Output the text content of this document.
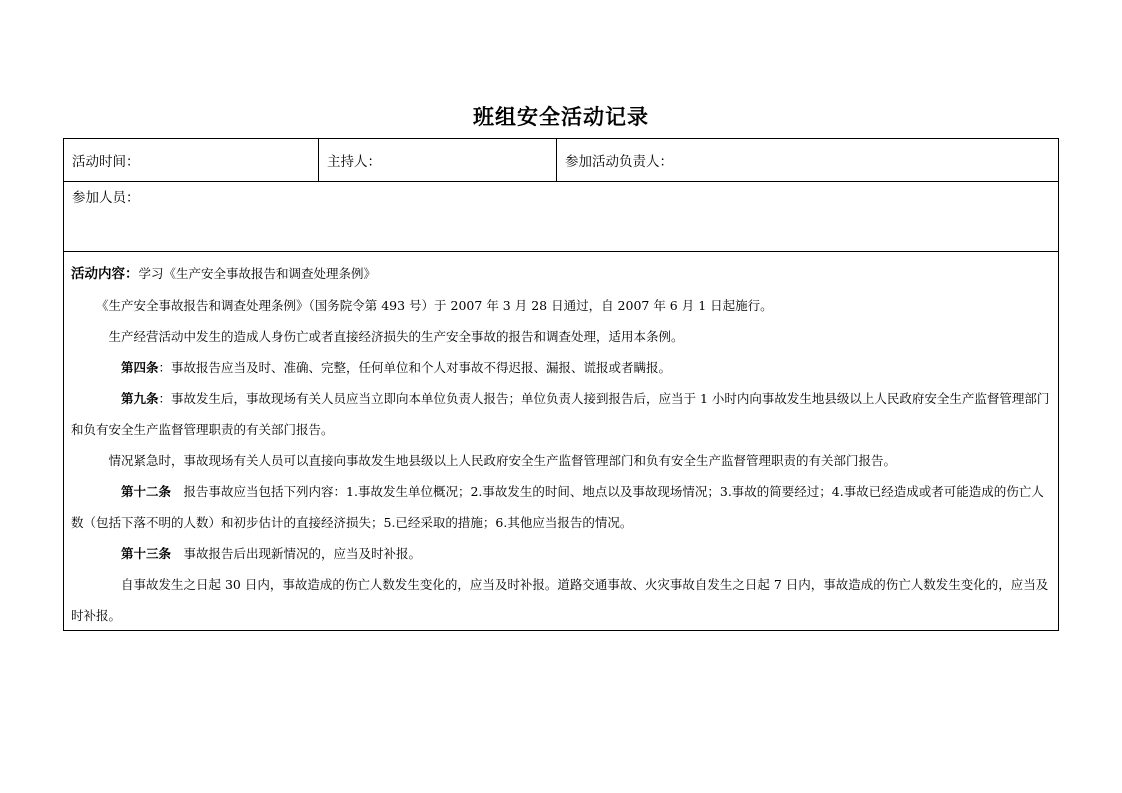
班组安全活动记录
活动时间：	主持人：	参加活动负责人：
参加人员：

活动内容：学习《生产安全事故报告和调查处理条例》

《生产安全事故报告和调查处理条例》（国务院令第 493 号）于 2007 年 3 月 28 日通过，自 2007 年 6 月 1 日起施行。

生产经营活动中发生的造成人身伤亡或者直接经济损失的生产安全事故的报告和调查处理，适用本条例。

第四条：事故报告应当及时、准确、完整，任何单位和个人对事故不得迟报、漏报、谎报或者瞒报。

第九条：事故发生后，事故现场有关人员应当立即向本单位负责人报告；单位负责人接到报告后，应当于 1 小时内向事故发生地县级以上人民政府安全生产监督管理部门和负有安全生产监督管理职责的有关部门报告。

情况紧急时，事故现场有关人员可以直接向事故发生地县级以上人民政府安全生产监督管理部门和负有安全生产监督管理职责的有关部门报告。

第十二条　报告事故应当包括下列内容：1.事故发生单位概况；2.事故发生的时间、地点以及事故现场情况；3.事故的简要经过；4.事故已经造成或者可能造成的伤亡人数（包括下落不明的人数）和初步估计的直接经济损失；5.已经采取的措施；6.其他应当报告的情况。

第十三条　事故报告后出现新情况的，应当及时补报。

自事故发生之日起 30 日内，事故造成的伤亡人数发生变化的，应当及时补报。道路交通事故、火灾事故自发生之日起 7 日内，事故造成的伤亡人数发生变化的，应当及时补报。
